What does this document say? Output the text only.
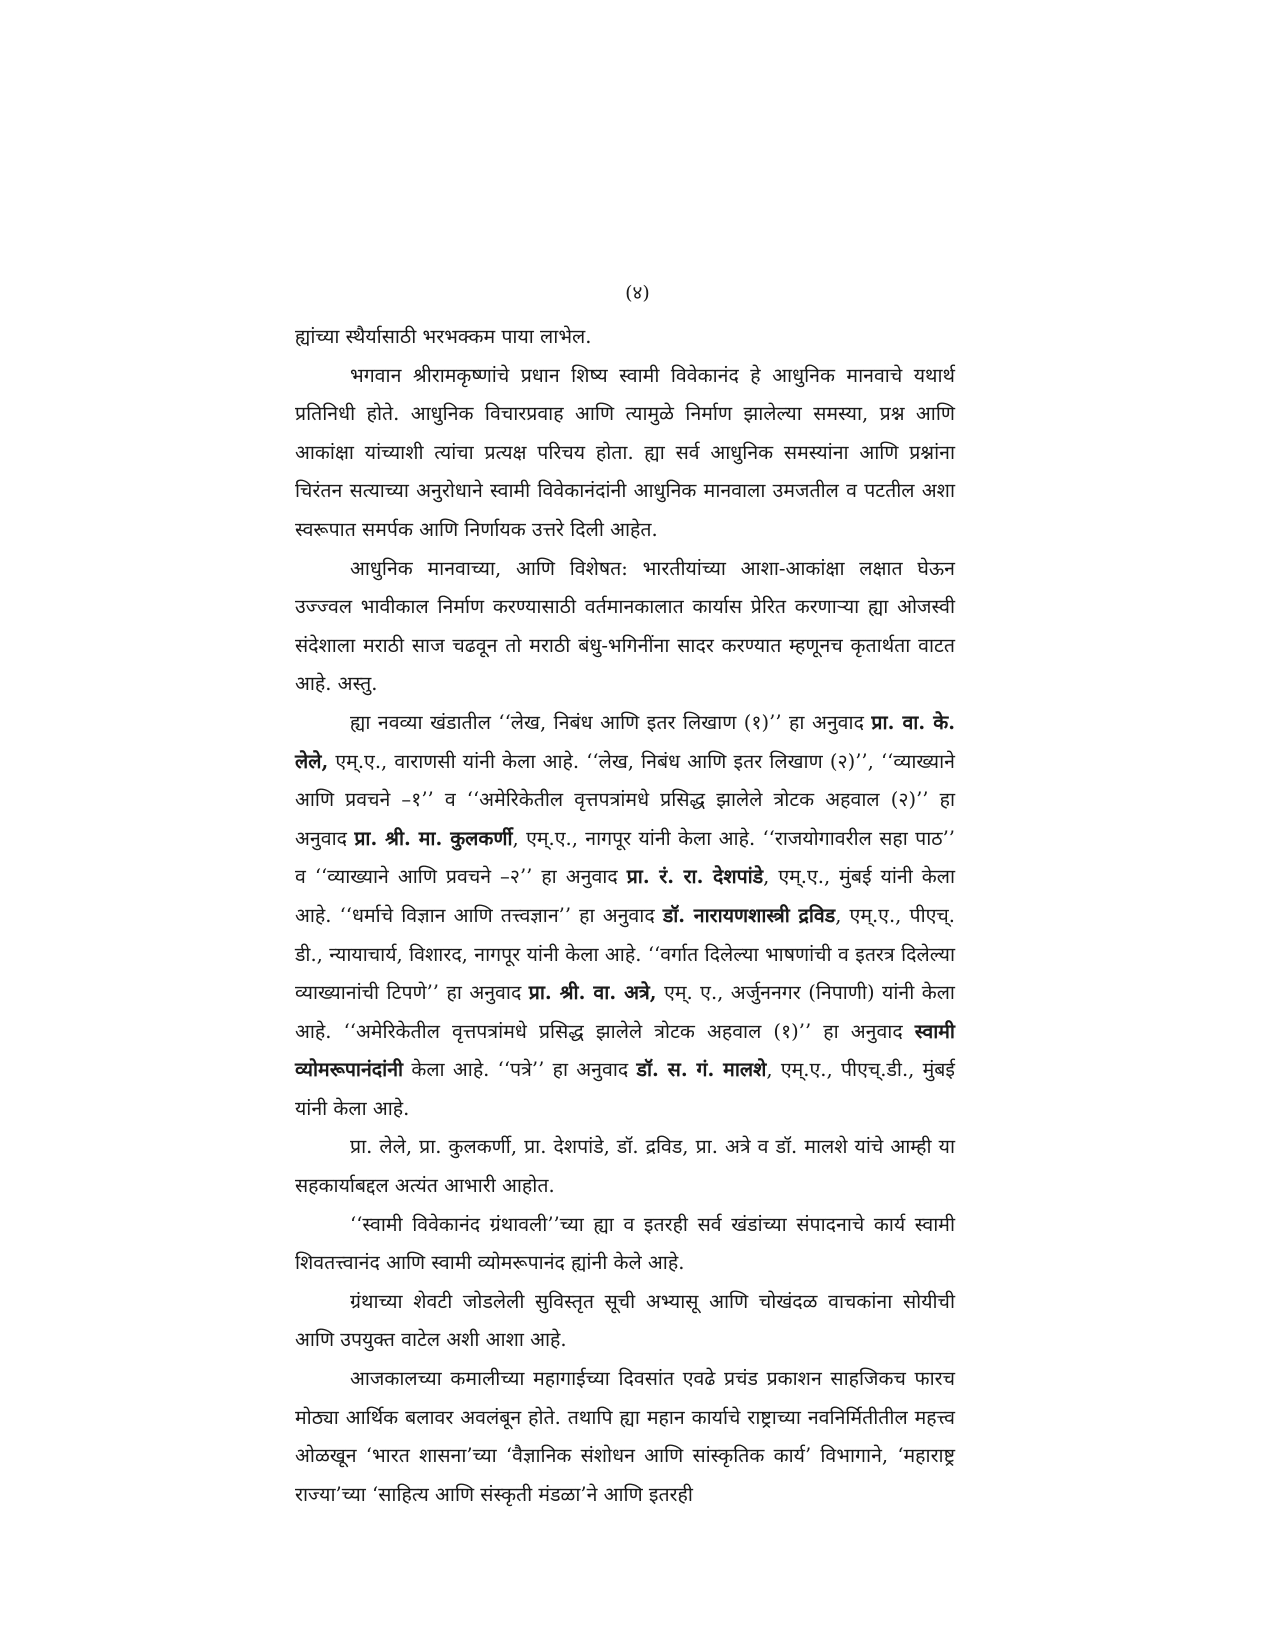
(४)

ह्यांच्या स्थैर्यासाठी भरभक्कम पाया लाभेल.

भगवान श्रीरामकृष्णांचे प्रधान शिष्य स्वामी विवेकानंद हे आधुनिक मानवाचे यथार्थ प्रतिनिधी होते. आधुनिक विचारप्रवाह आणि त्यामुळे निर्माण झालेल्या समस्या, प्रश्न आणि आकांक्षा यांच्याशी त्यांचा प्रत्यक्ष परिचय होता. ह्या सर्व आधुनिक समस्यांना आणि प्रश्नांना चिरंतन सत्याच्या अनुरोधाने स्वामी विवेकानंदांनी आधुनिक मानवाला उमजतील व पटतील अशा स्वरूपात समर्पक आणि निर्णायक उत्तरे दिली आहेत.

आधुनिक मानवाच्या, आणि विशेषत: भारतीयांच्या आशा-आकांक्षा लक्षात घेऊन उज्ज्वल भावीकाल निर्माण करण्यासाठी वर्तमानकालात कार्यास प्रेरित करणाऱ्या ह्या ओजस्वी संदेशाला मराठी साज चढवून तो मराठी बंधु-भगिनींना सादर करण्यात म्हणूनच कृतार्थता वाटत आहे. अस्तु.

ह्या नवव्या खंडातील ‘‘लेख, निबंध आणि इतर लिखाण (१)’’ हा अनुवाद प्रा. वा. के. लेले, एम्.ए., वाराणसी यांनी केला आहे. ‘‘लेख, निबंध आणि इतर लिखाण (२)’’, ‘‘व्याख्याने आणि प्रवचने –१’’ व ‘‘अमेरिकेतील वृत्तपत्रांमधे प्रसिद्ध झालेले त्रोटक अहवाल (२)’’ हा अनुवाद प्रा. श्री. मा. कुलकर्णी, एम्.ए., नागपूर यांनी केला आहे. ‘‘राजयोगावरील सहा पाठ’’ व ‘‘व्याख्याने आणि प्रवचने –२’’ हा अनुवाद प्रा. रं. रा. देशपांडे, एम्.ए., मुंबई यांनी केला आहे. ‘‘धर्माचे विज्ञान आणि तत्त्वज्ञान’’ हा अनुवाद डॉ. नारायणशास्त्री द्रविड, एम्.ए., पीएच्. डी., न्यायाचार्य, विशारद, नागपूर यांनी केला आहे. ‘‘वर्गात दिलेल्या भाषणांची व इतरत्र दिलेल्या व्याख्यानांची टिपणे’’ हा अनुवाद प्रा. श्री. वा. अत्रे, एम्. ए., अर्जुननगर (निपाणी) यांनी केला आहे. ‘‘अमेरिकेतील वृत्तपत्रांमधे प्रसिद्ध झालेले त्रोटक अहवाल (१)’’ हा अनुवाद स्वामी व्योमरूपानंदांनी केला आहे. ‘‘पत्रे’’ हा अनुवाद डॉ. स. गं. मालशे, एम्.ए., पीएच्.डी., मुंबई यांनी केला आहे.

प्रा. लेले, प्रा. कुलकर्णी, प्रा. देशपांडे, डॉ. द्रविड, प्रा. अत्रे व डॉ. मालशे यांचे आम्ही या सहकार्याबद्दल अत्यंत आभारी आहोत.

‘‘स्वामी विवेकानंद ग्रंथावली’’च्या ह्या व इतरही सर्व खंडांच्या संपादनाचे कार्य स्वामी शिवतत्त्वानंद आणि स्वामी व्योमरूपानंद ह्यांनी केले आहे.

ग्रंथाच्या शेवटी जोडलेली सुविस्तृत सूची अभ्यासू आणि चोखंदळ वाचकांना सोयीची आणि उपयुक्त वाटेल अशी आशा आहे.

आजकालच्या कमालीच्या महागाईच्या दिवसांत एवढे प्रचंड प्रकाशन साहजिकच फारच मोठ्या आर्थिक बलावर अवलंबून होते. तथापि ह्या महान कार्याचे राष्ट्राच्या नवनिर्मितीतील महत्त्व ओळखून ‘भारत शासना’च्या ‘वैज्ञानिक संशोधन आणि सांस्कृतिक कार्य’ विभागाने, ‘महाराष्ट्र राज्या’च्या ‘साहित्य आणि संस्कृती मंडळा’ने आणि इतरही
